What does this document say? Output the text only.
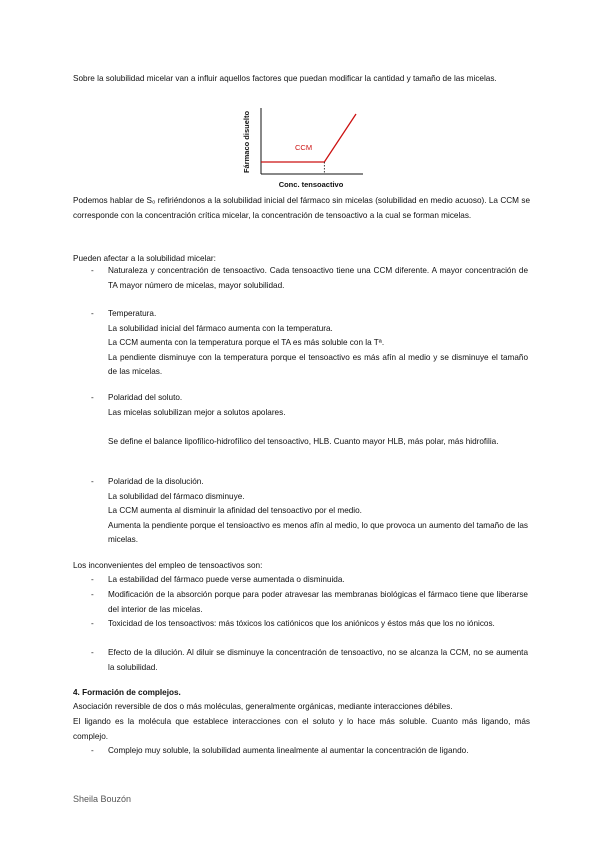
Sobre la solubilidad micelar van a influir aquellos factores que puedan modificar la cantidad y tamaño de las micelas.
Fármaco disuelto
Conc. tensoactivo
CCM
Podemos hablar de S₀ refiriéndonos a la solubilidad inicial del fármaco sin micelas (solubilidad en medio acuoso). La CCM se corresponde con la concentración crítica micelar, la concentración de tensoactivo a la cual se forman micelas.
Pueden afectar a la solubilidad micelar:
-	Naturaleza y concentración de tensoactivo. Cada tensoactivo tiene una CCM diferente. A mayor concentración de TA mayor número de micelas, mayor solubilidad.
-	Temperatura.
La solubilidad inicial del fármaco aumenta con la temperatura.
La CCM aumenta con la temperatura porque el TA es más soluble con la Tª.
La pendiente disminuye con la temperatura porque el tensoactivo es más afín al medio y se disminuye el tamaño de las micelas.
-	Polaridad del soluto.
Las micelas solubilizan mejor a solutos apolares.
Se define el balance lipofílico-hidrofílico del tensoactivo, HLB. Cuanto mayor HLB, más polar, más hidrofilia.
-	Polaridad de la disolución.
La solubilidad del fármaco disminuye.
La CCM aumenta al disminuir la afinidad del tensoactivo por el medio.
Aumenta la pendiente porque el tensioactivo es menos afín al medio, lo que provoca un aumento del tamaño de las micelas.
Los inconvenientes del empleo de tensoactivos son:
-	La estabilidad del fármaco puede verse aumentada o disminuida.
-	Modificación de la absorción porque para poder atravesar las membranas biológicas el fármaco tiene que liberarse del interior de las micelas.
-	Toxicidad de los tensoactivos: más tóxicos los catiónicos que los aniónicos y éstos más que los no iónicos.
-	Efecto de la dilución. Al diluir se disminuye la concentración de tensoactivo, no se alcanza la CCM, no se aumenta la solubilidad.
4. Formación de complejos.
Asociación reversible de dos o más moléculas, generalmente orgánicas, mediante interacciones débiles.
El ligando es la molécula que establece interacciones con el soluto y lo hace más soluble. Cuanto más ligando, más complejo.
-	Complejo muy soluble, la solubilidad aumenta linealmente al aumentar la concentración de ligando.
Sheila Bouzón
